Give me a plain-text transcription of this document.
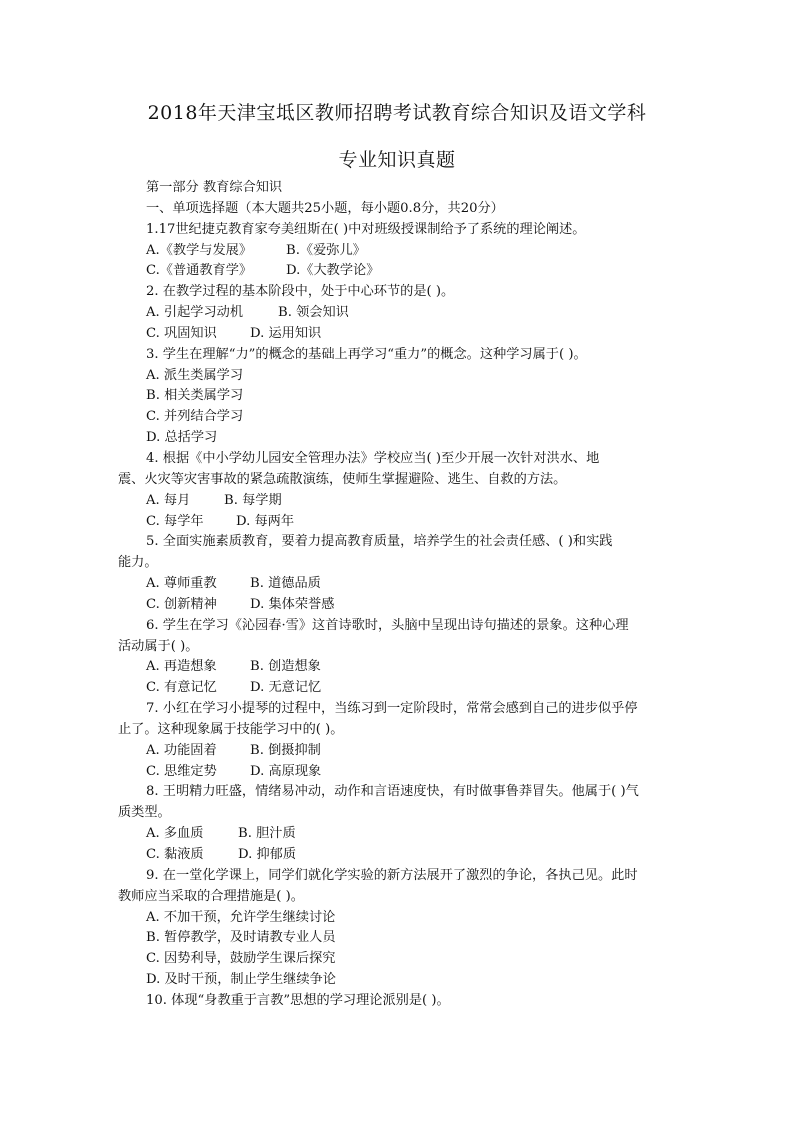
2018年天津宝坻区教师招聘考试教育综合知识及语文学科
专业知识真题
第一部分 教育综合知识
一、单项选择题（本大题共25小题，每小题0.8分，共20分）
1.17世纪捷克教育家夸美纽斯在( )中对班级授课制给予了系统的理论阐述。
A.《教学与发展》	B.《爱弥儿》
C.《普通教育学》	D.《大教学论》
2. 在教学过程的基本阶段中，处于中心环节的是( )。
A. 引起学习动机	B. 领会知识
C. 巩固知识	D. 运用知识
3. 学生在理解“力”的概念的基础上再学习“重力”的概念。这种学习属于( )。
A. 派生类属学习
B. 相关类属学习
C. 并列结合学习
D. 总括学习
4. 根据《中小学幼儿园安全管理办法》学校应当( )至少开展一次针对洪水、地
震、火灾等灾害事故的紧急疏散演练，使师生掌握避险、逃生、自救的方法。
A. 每月	B. 每学期
C. 每学年 D. 每两年
5. 全面实施素质教育，要着力提高教育质量，培养学生的社会责任感、( )和实践
能力。
A. 尊师重教	B. 道德品质
C. 创新精神	D. 集体荣誉感
6. 学生在学习《沁园春·雪》这首诗歌时，头脑中呈现出诗句描述的景象。这种心理
活动属于( )。
A. 再造想象	B. 创造想象
C. 有意记忆	D. 无意记忆
7. 小红在学习小提琴的过程中，当练习到一定阶段时，常常会感到自己的进步似乎停
止了。这种现象属于技能学习中的( )。
A. 功能固着	B. 倒摄抑制
C. 思维定势	D. 高原现象
8. 王明精力旺盛，情绪易冲动，动作和言语速度快，有时做事鲁莽冒失。他属于( )气
质类型。
A. 多血质	B. 胆汁质
C. 黏液质	D. 抑郁质
9. 在一堂化学课上，同学们就化学实验的新方法展开了激烈的争论，各执己见。此时
教师应当采取的合理措施是( )。
A. 不加干预，允许学生继续讨论
B. 暂停教学，及时请教专业人员
C. 因势利导，鼓励学生课后探究
D. 及时干预，制止学生继续争论
10. 体现“身教重于言教”思想的学习理论派别是( )。
